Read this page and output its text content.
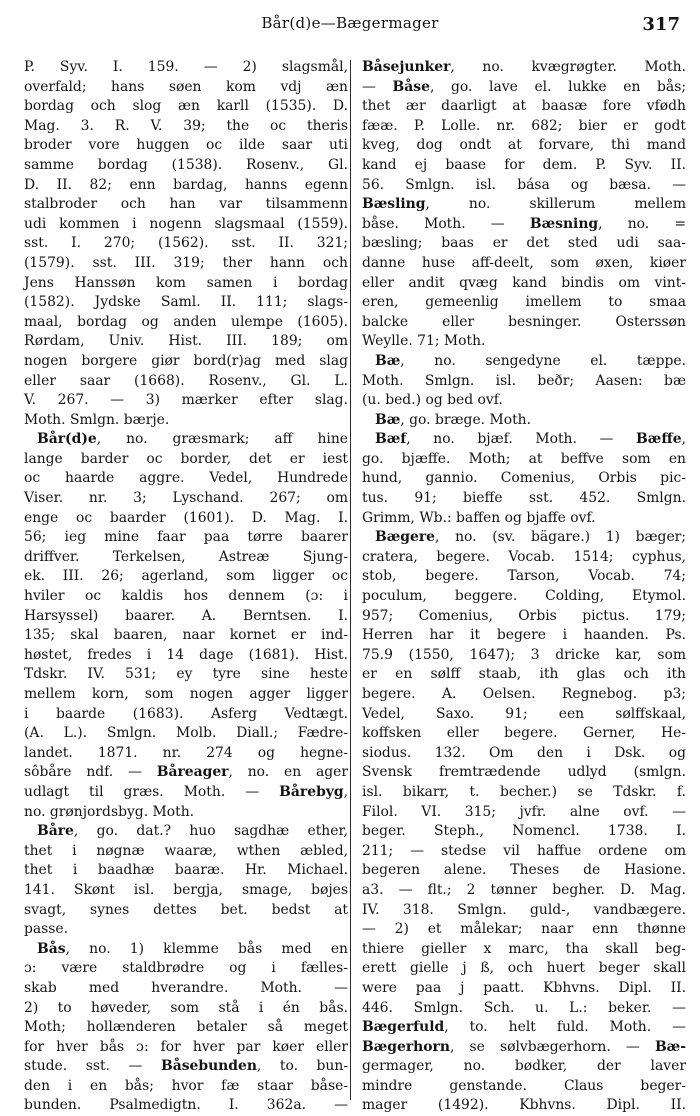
Bår(d)e—Bægermager	317
P. Syv. I. 159. — 2) slagsmål,
overfald; hans søen kom vdj æn
bordag och slog æn karll (1535). D.
Mag. 3. R. V. 39; the oc theris
broder vore huggen oc ilde saar uti
samme bordag (1538). Rosenv., Gl.
D. II. 82; enn bardag, hanns egenn
stalbroder och han var tilsammenn
udi kommen i nogenn slagsmaal (1559).
sst. I. 270; (1562). sst. II. 321;
(1579). sst. III. 319; ther hann och
Jens Hanssøn kom samen i bordag
(1582). Jydske Saml. II. 111; slags-
maal, bordag og anden ulempe (1605).
Rørdam, Univ. Hist. III. 189; om
nogen borgere giør bord(r)ag med slag
eller saar (1668). Rosenv., Gl. L.
V. 267. — 3) mærker efter slag.
Moth. Smlgn. bærje.
Bår(d)e, no. græsmark; aff hine
lange barder oc border, det er iest
oc haarde aggre. Vedel, Hundrede
Viser. nr. 3; Lyschand. 267; om
enge oc baarder (1601). D. Mag. I.
56; ieg mine faar paa tørre baarer
driffver. Terkelsen, Astreæ Sjung-
ek. III. 26; agerland, som ligger oc
hviler oc kaldis hos dennem (ɔ: i
Harsyssel) baarer. A. Berntsen. I.
135; skal baaren, naar kornet er ind-
høstet, fredes i 14 dage (1681). Hist.
Tdskr. IV. 531; ey tyre sine heste
mellem korn, som nogen agger ligger
i baarde (1683). Asferg Vedtægt.
(A. L.). Smlgn. Molb. Diall.; Fædre-
landet. 1871. nr. 274 og hegne-
sôbåre ndf. — Båreager, no. en ager
udlagt til græs. Moth. — Bårebyg,
no. grønjordsbyg. Moth.
Båre, go. dat.? huo sagdhæ ether,
thet i nøgnæ waaræ, wthen æbled,
thet i baadhæ baaræ. Hr. Michael.
141. Skønt isl. bergja, smage, bøjes
svagt, synes dettes bet. bedst at
passe.
Bås, no. 1) klemme bås med en
ɔ: være staldbrødre og i fælles-
skab med hverandre. Moth. —
2) to høveder, som stå i én bås.
Moth; hollænderen betaler så meget
for hver bås ɔ: for hver par køer eller
stude. sst. — Båsebunden, to. bun-
den i en bås; hvor fæ staar båse-
bunden. Psalmedigtn. I. 362a. —
Båsejunker, no. kvægrøgter. Moth.
— Båse, go. lave el. lukke en bås;
thet ær daarligt at baasæ fore vfødh
fææ. P. Lolle. nr. 682; bier er godt
kveg, dog ondt at forvare, thi mand
kand ej baase for dem. P. Syv. II.
56. Smlgn. isl. bása og bæsa. —
Bæsling, no. skillerum mellem
båse. Moth. — Bæsning, no. =
bæsling; baas er det sted udi saa-
danne huse aff-deelt, som øxen, kiøer
eller andit qvæg kand bindis om vint-
eren, gemeenlig imellem to smaa
balcke eller besninger. Osterssøn
Weylle. 71; Moth.
Bæ, no. sengedyne el. tæppe.
Moth. Smlgn. isl. beðr; Aasen: bæ
(u. bed.) og bed ovf.
Bæ, go. bræge. Moth.
Bæf, no. bjæf. Moth. — Bæffe,
go. bjæffe. Moth; at beffve som en
hund, gannio. Comenius, Orbis pic-
tus. 91; bieffe sst. 452. Smlgn.
Grimm, Wb.: baffen og bjaffe ovf.
Bægere, no. (sv. bägare.) 1) bæger;
cratera, begere. Vocab. 1514; cyphus,
stob, begere. Tarson, Vocab. 74;
poculum, beggere. Colding, Etymol.
957; Comenius, Orbis pictus. 179;
Herren har it begere i haanden. Ps.
75.9 (1550, 1647); 3 dricke kar, som
er en sølff staab, ith glas och ith
begere. A. Oelsen. Regnebog. p3;
Vedel, Saxo. 91; een sølffskaal,
koffsken eller begere. Gerner, He-
siodus. 132. Om den i Dsk. og
Svensk fremtrædende udlyd (smlgn.
isl. bikarr, t. becher.) se Tdskr. f.
Filol. VI. 315; jvfr. alne ovf. —
beger. Steph., Nomencl. 1738. I.
211; — stedse vil haffue ordene om
begeren alene. Theses de Hasione.
a3. — flt.; 2 tønner begher. D. Mag.
IV. 318. Smlgn. guld-, vandbægere.
— 2) et målekar; naar enn thønne
thiere gieller x marc, tha skall beg-
erett gielle j ß, och huert beger skall
were paa j paatt. Kbhvns. Dipl. II.
446. Smlgn. Sch. u. L.: beker. —
Bægerfuld, to. helt fuld. Moth. —
Bægerhorn, se sølvbægerhorn. — Bæ-
germager, no. bødker, der laver
mindre genstande. Claus beger-
mager (1492). Kbhvns. Dipl. II.
